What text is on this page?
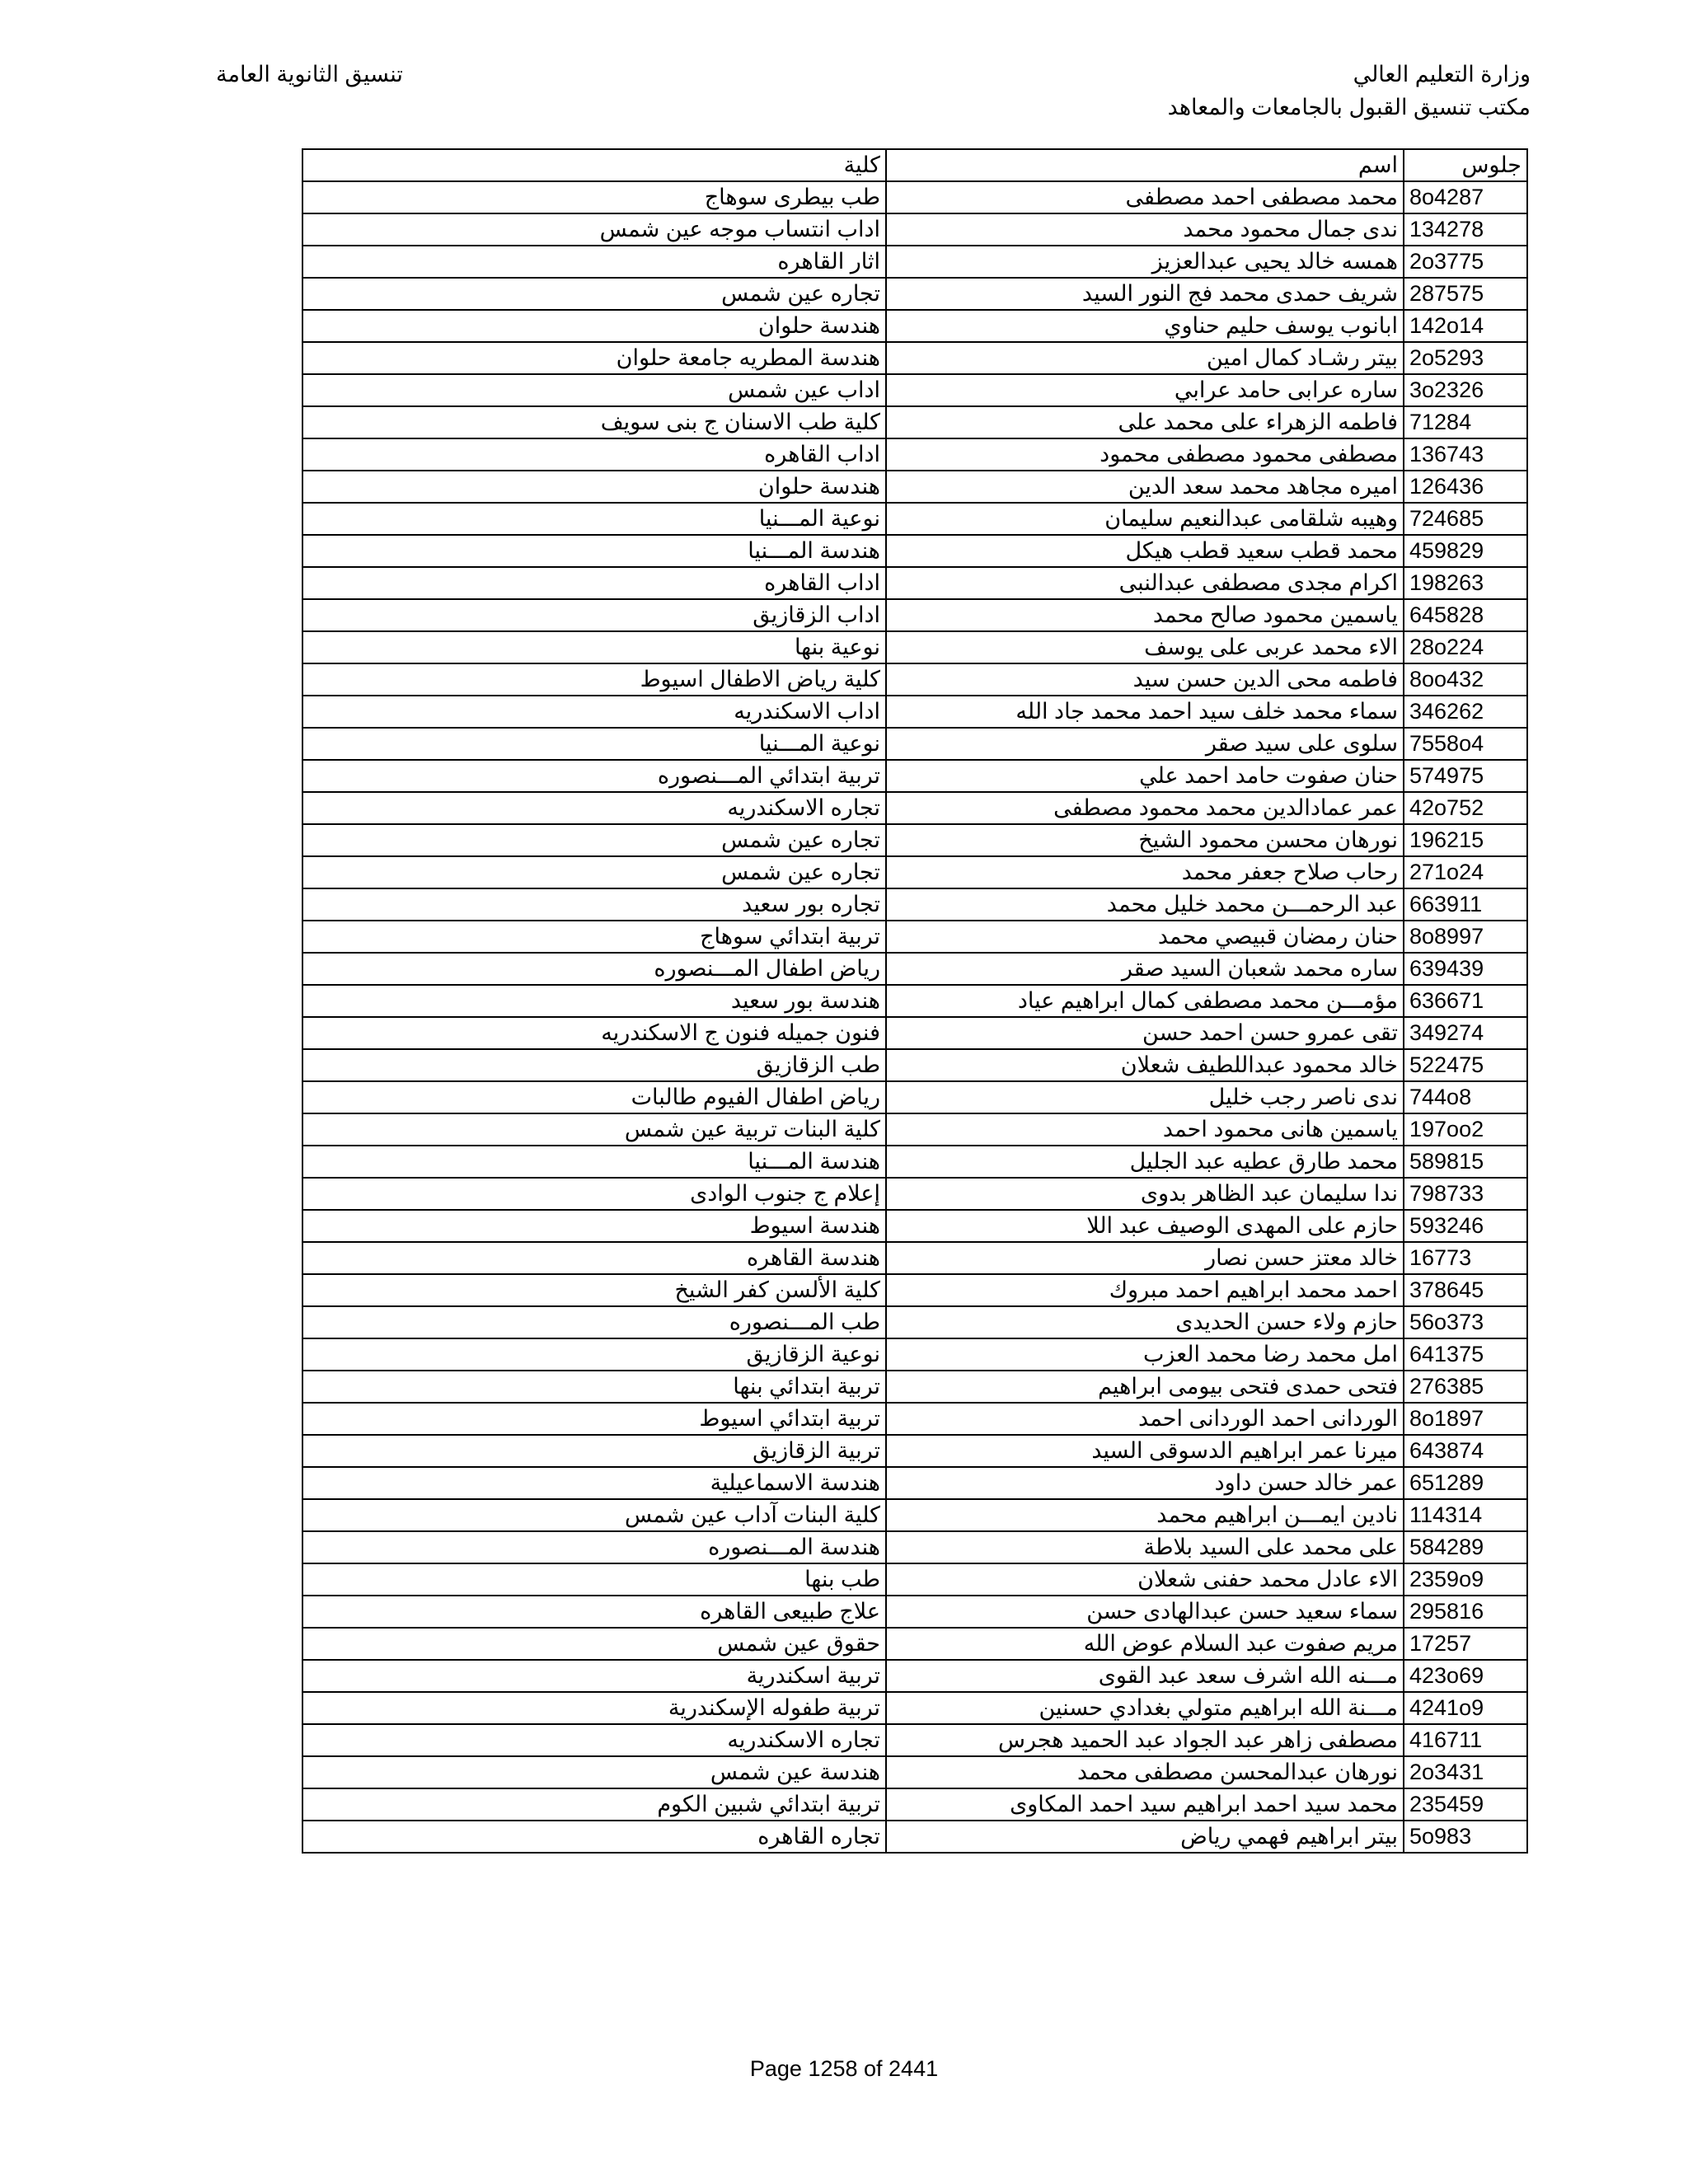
وزارة التعليم العالي
مكتب تنسيق القبول بالجامعات والمعاهد
تنسيق الثانوية العامة
جلوس	اسم	كلية
8o4287	محمد مصطفى احمد مصطفى	طب بيطرى سوهاج
134278	ندى جمال محمود محمد	اداب انتساب موجه عين شمس
2o3775	همسه خالد يحيى عبدالعزيز	اثار القاهره
287575	شريف حمدى محمد فج النور السيد	تجاره عين شمس
142o14	ابانوب يوسف حليم حناوي	هندسة حلوان
2o5293	بيتر رشـاد كمال امين	هندسة المطريه جامعة حلوان
3o2326	ساره عرابى حامد عرابي	اداب عين شمس
71284	فاطمه الزهراء على محمد على	كلية طب الاسنان ج بنى سويف
136743	مصطفى محمود مصطفى محمود	اداب القاهره
126436	اميره مجاهد محمد سعد الدين	هندسة حلوان
724685	وهيبه شلقامى عبدالنعيم سليمان	نوعية المـــنيا
459829	محمد قطب سعيد قطب هيكل	هندسة المـــنيا
198263	اكرام مجدى مصطفى عبدالنبى	اداب القاهره
645828	ياسمين محمود صالح محمد	اداب الزقازيق
28o224	الاء محمد عربى على يوسف	نوعية بنها
8oo432	فاطمه محى الدين حسن سيد	كلية رياض الاطفال اسيوط
346262	سماء محمد خلف سيد احمد محمد جاد الله	اداب الاسكندريه
7558o4	سلوى على سيد صقر	نوعية المـــنيا
574975	حنان صفوت حامد احمد علي	تربية ابتدائي المـــنصوره
42o752	عمر عمادالدين محمد محمود مصطفى	تجاره الاسكندريه
196215	نورهان محسن محمود الشيخ	تجاره عين شمس
271o24	رحاب صلاح جعفر محمد	تجاره عين شمس
663911	عبد الرحمـــن محمد خليل محمد	تجاره بور سعيد
8o8997	حنان رمضان قبيصي محمد	تربية ابتدائي سوهاج
639439	ساره محمد شعبان السيد صقر	رياض اطفال المـــنصوره
636671	مؤمـــن محمد مصطفى كمال ابراهيم عياد	هندسة بور سعيد
349274	تقى عمرو حسن احمد حسن	فنون جميله فنون ج الاسكندريه
522475	خالد محمود عبداللطيف شعلان	طب الزقازيق
744o8	ندى ناصر رجب خليل	رياض اطفال الفيوم طالبات
197oo2	ياسمين هانى محمود احمد	كلية البنات تربية عين شمس
589815	محمد طارق عطيه عبد الجليل	هندسة المـــنيا
798733	ندا سليمان عبد الظاهر بدوى	إعلام ج جنوب الوادى
593246	حازم على المهدى الوصيف عبد اللا	هندسة اسيوط
16773	خالد معتز حسن نصار	هندسة القاهره
378645	احمد محمد ابراهيم احمد مبروك	كلية الألسن كفر الشيخ
56o373	حازم ولاء حسن الحديدى	طب المـــنصوره
641375	امل محمد رضا محمد العزب	نوعية الزقازيق
276385	فتحى حمدى فتحى بيومى ابراهيم	تربية ابتدائي بنها
8o1897	الوردانى احمد الوردانى احمد	تربية ابتدائي اسيوط
643874	ميرنا عمر ابراهيم الدسوقى السيد	تربية الزقازيق
651289	عمر خالد حسن داود	هندسة الاسماعيلية
114314	نادين ايمـــن ابراهيم محمد	كلية البنات آداب عين شمس
584289	على محمد على السيد بلاطة	هندسة المـــنصوره
2359o9	الاء عادل محمد حفنى شعلان	طب بنها
295816	سماء سعيد حسن عبدالهادى حسن	علاج طبيعى القاهره
17257	مريم صفوت عبد السلام عوض الله	حقوق عين شمس
423o69	مـــنه الله اشرف سعد عبد القوى	تربية اسكندرية
4241o9	مـــنة الله ابراهيم متولي بغدادي حسنين	تربية طفوله الإسكندرية
416711	مصطفى زاهر عبد الجواد عبد الحميد هجرس	تجاره الاسكندريه
2o3431	نورهان عبدالمحسن مصطفى محمد	هندسة عين شمس
235459	محمد سيد احمد ابراهيم سيد احمد المكاوى	تربية ابتدائي شبين الكوم
5o983	بيتر ابراهيم فهمي رياض	تجاره القاهره
Page 1258 of 2441
